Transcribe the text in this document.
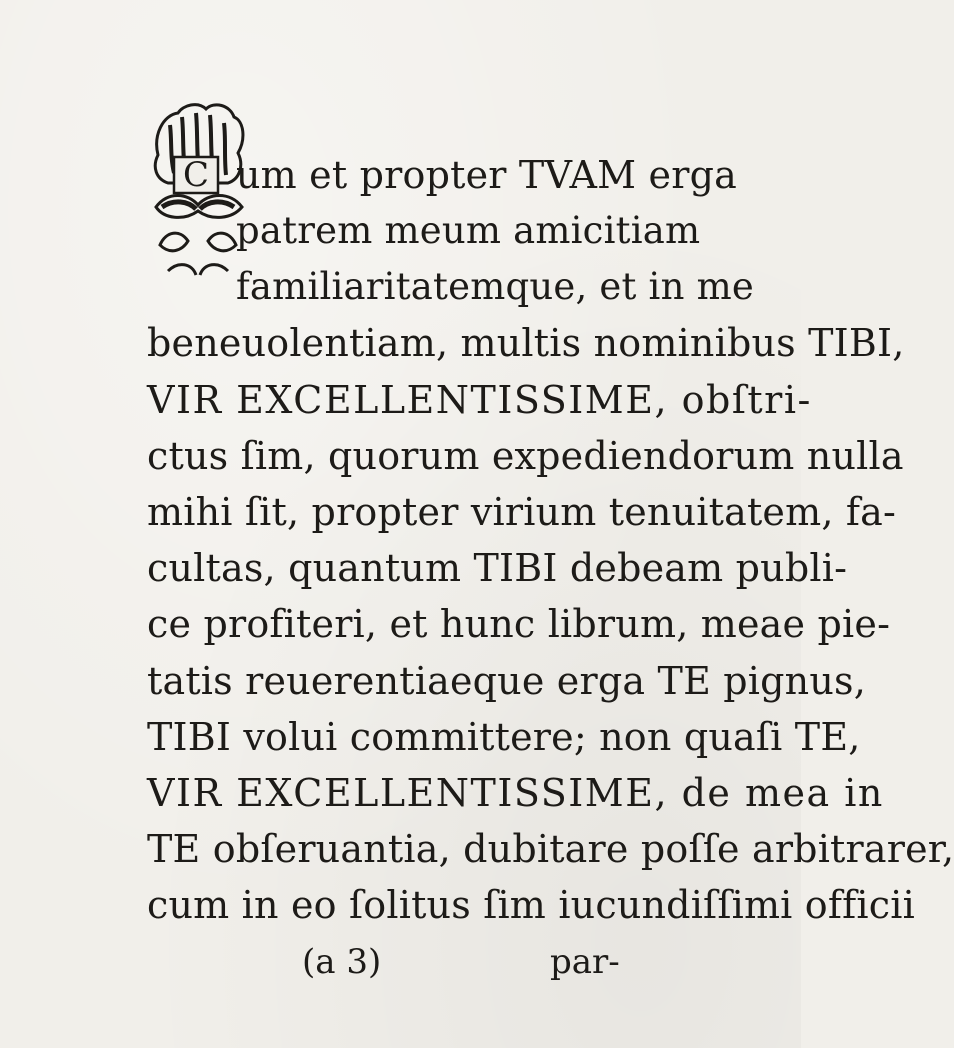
C um et propter TVAM erga
patrem meum amicitiam
familiaritatemque, et in me
beneuolentiam, multis nominibus TIBI,
VIR EXCELLENTISSIME, obſtri-
ctus ſim, quorum expediendorum nulla
mihi ſit, propter virium tenuitatem, fa-
cultas, quantum TIBI debeam publi-
ce profiteri, et hunc librum, meae pie-
tatis reuerentiaeque erga TE pignus,
TIBI volui committere; non quaſi TE,
VIR EXCELLENTISSIME, de mea in
TE obſeruantia, dubitare poſſe arbitrarer,
cum in eo ſolitus ſim iucundiſſimi officii
(a 3)	par-
